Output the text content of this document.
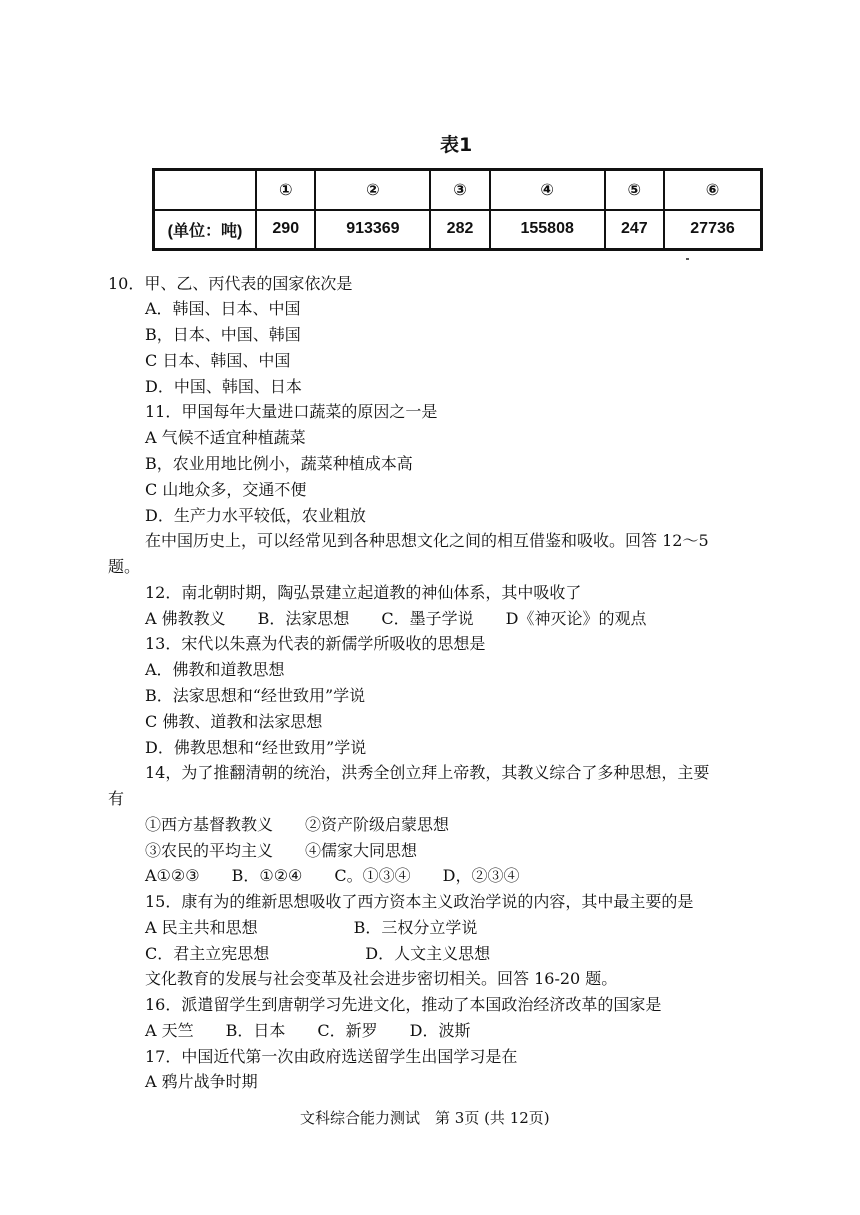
表1
	①	②	③	④	⑤	⑥
(单位：吨)	290	913369	282	155808	247	27736
10．甲、乙、丙代表的国家依次是
A．韩国、日本、中国
B，日本、中国、韩国
C 日本、韩国、中国
D．中国、韩国、日本
11．甲国每年大量进口蔬菜的原因之一是
A 气候不适宜种植蔬菜
B，农业用地比例小，蔬菜种植成本高
C 山地众多，交通不便
D．生产力水平较低，农业粗放
在中国历史上，可以经常见到各种思想文化之间的相互借鉴和吸收。回答 12～5
题。
12．南北朝时期，陶弘景建立起道教的神仙体系，其中吸收了
A 佛教教义　　B．法家思想　　C．墨子学说　　D《神灭论》的观点
13．宋代以朱熹为代表的新儒学所吸收的思想是
A．佛教和道教思想
B．法家思想和“经世致用”学说
C 佛教、道教和法家思想
D．佛教思想和“经世致用”学说
14，为了推翻清朝的统治，洪秀全创立拜上帝教，其教义综合了多种思想，主要
有
①西方基督教教义　　②资产阶级启蒙思想
③农民的平均主义　　④儒家大同思想
A①②③　　B．①②④　　C。①③④　　D，②③④
15．康有为的维新思想吸收了西方资本主义政治学说的内容，其中最主要的是
A 民主共和思想　　　　　　B．三权分立学说
C．君主立宪思想　　　　　　D．人文主义思想
文化教育的发展与社会变革及社会进步密切相关。回答 16-20 题。
16．派遣留学生到唐朝学习先进文化，推动了本国政治经济改革的国家是
A 天竺　　B．日本　　C．新罗　　D．波斯
17．中国近代第一次由政府选送留学生出国学习是在
A 鸦片战争时期
文科综合能力测试　第 3页 (共 12页)
